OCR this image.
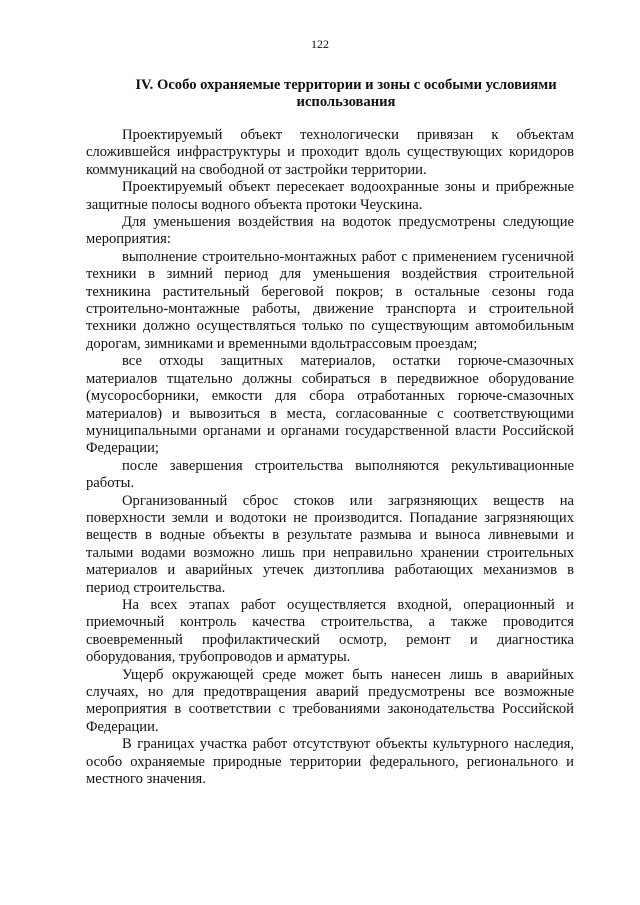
122
IV. Особо охраняемые территории и зоны с особыми условиями использования

Проектируемый объект технологически привязан к объектам сложившейся инфраструктуры и проходит вдоль существующих коридоров коммуникаций на свободной от застройки территории.

Проектируемый объект пересекает водоохранные зоны и прибрежные защитные полосы водного объекта протоки Чеускина.

Для уменьшения воздействия на водоток предусмотрены следующие мероприятия:

выполнение строительно-монтажных работ с применением гусеничной техники в зимний период для уменьшения воздействия строительной техникина растительный береговой покров; в остальные сезоны года строительно-монтажные работы, движение транспорта и строительной техники должно осуществляться только по существующим автомобильным дорогам, зимниками и временными вдольтрассовым проездам;

все отходы защитных материалов, остатки горюче-смазочных материалов тщательно должны собираться в передвижное оборудование (мусоросборники, емкости для сбора отработанных горюче-смазочных материалов) и вывозиться в места, согласованные с соответствующими муниципальными органами и органами государственной власти Российской Федерации;

после завершения строительства выполняются рекультивационные работы.

Организованный сброс стоков или загрязняющих веществ на поверхности земли и водотоки не производится. Попадание загрязняющих веществ в водные объекты в результате размыва и выноса ливневыми и талыми водами возможно лишь при неправильно хранении строительных материалов и аварийных утечек дизтоплива работающих механизмов в период строительства.

На всех этапах работ осуществляется входной, операционный и приемочный контроль качества строительства, а также проводится своевременный профилактический осмотр, ремонт и диагностика оборудования, трубопроводов и арматуры.

Ущерб окружающей среде может быть нанесен лишь в аварийных случаях, но для предотвращения аварий предусмотрены все возможные мероприятия в соответствии с требованиями законодательства Российской Федерации.

В границах участка работ отсутствуют объекты культурного наследия, особо охраняемые природные территории федерального, регионального и местного значения.
